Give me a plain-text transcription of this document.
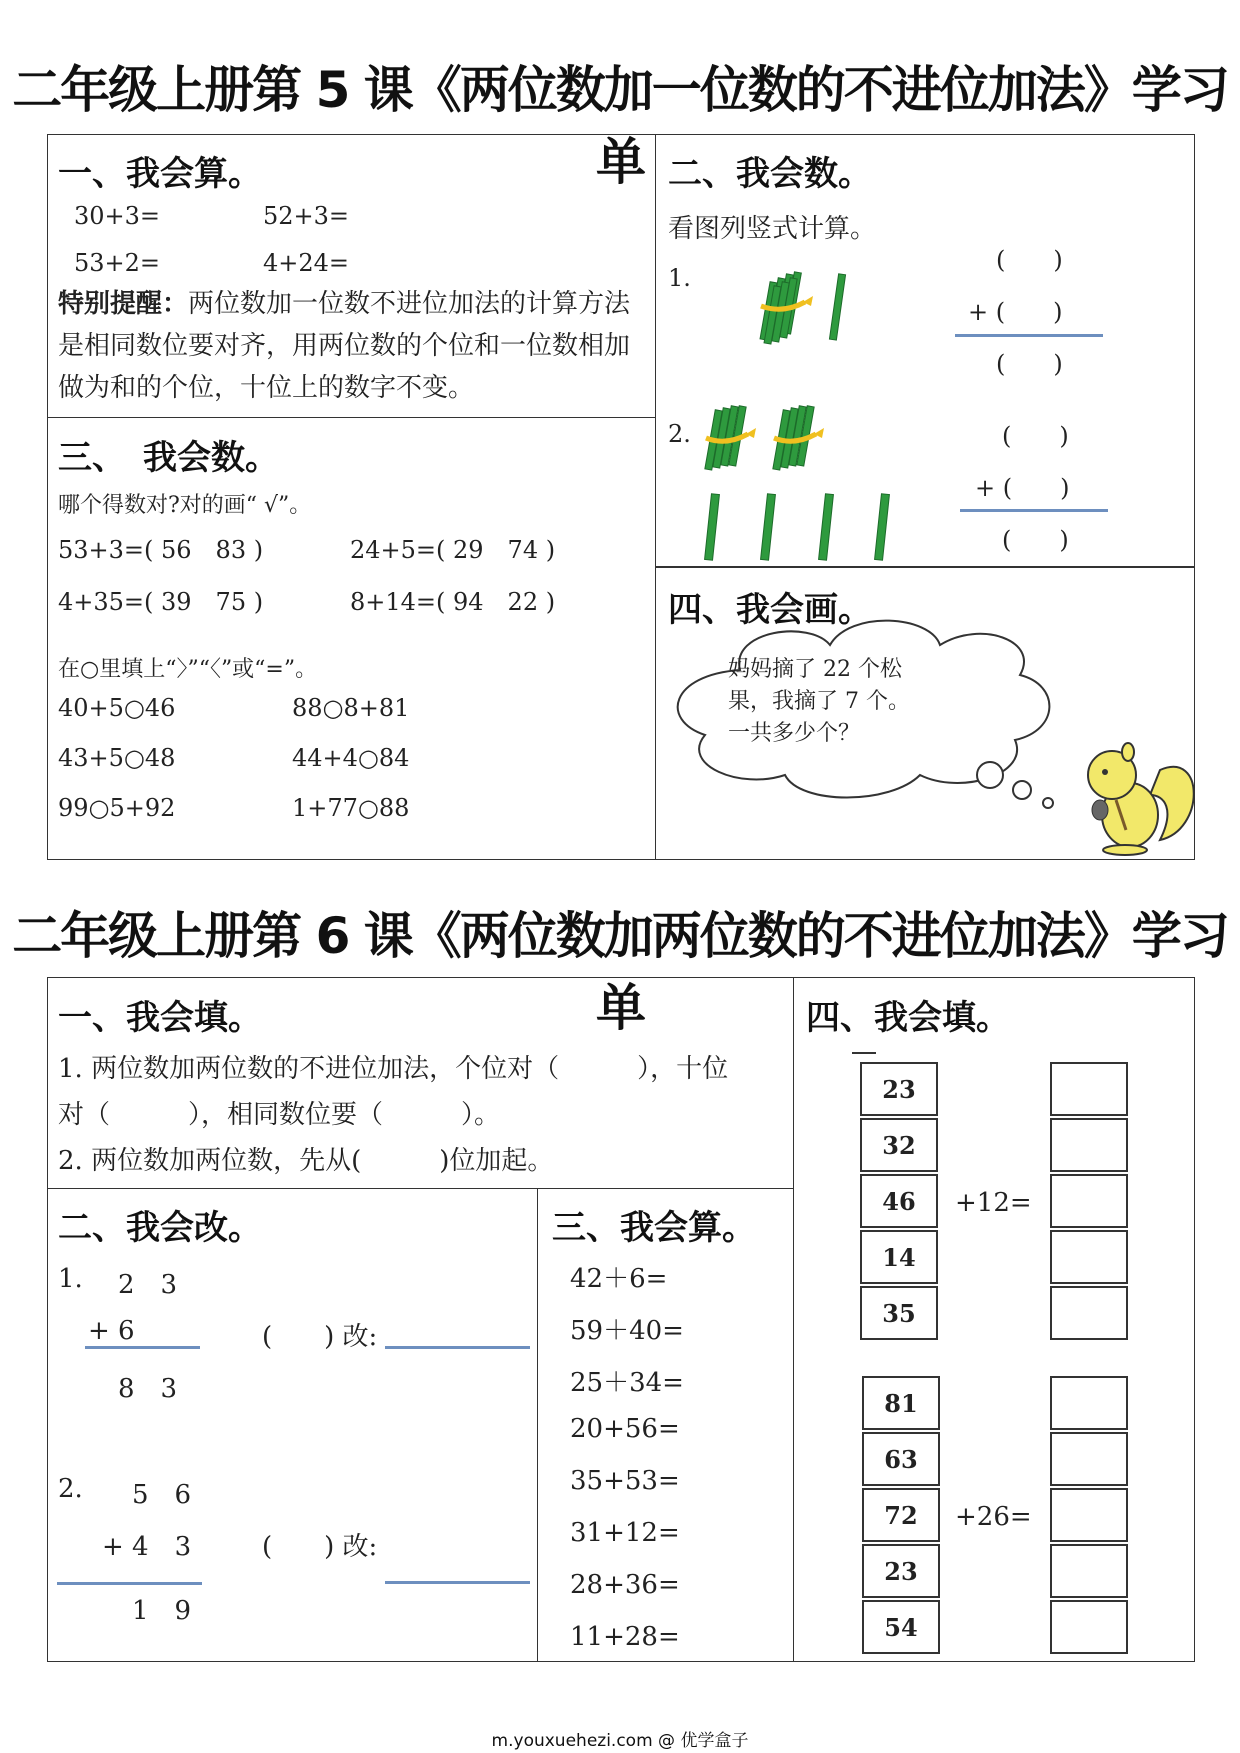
二年级上册第 5 课《两位数加一位数的不进位加法》学习单
一、我会算。
30+3=	52+3=
53+2=	4+24=
特别提醒：两位数加一位数不进位加法的计算方法是相同数位要对齐，用两位数的个位和一位数相加做为和的个位，十位上的数字不变。
二、我会数。
看图列竖式计算。
1.
(　　)
+ (　　)
(　　)
2.	(　　)
+ (　　)
(　　)
三、　我会数。
哪个得数对?对的画“ √”。
53+3=( 56　83 )	24+5=( 29　74 )
4+35=( 39　75 )	8+14=( 94　22 )
在○里填上“〉”“〈”或“=”。
40+5○46	88○8+81
43+5○48	44+4○84
99○5+92	1+77○88
四、我会画。
妈妈摘了 22 个松
果，我摘了 7 个。
一共多少个？
二年级上册第 6 课《两位数加两位数的不进位加法》学习单
一、我会填。
1. 两位数加两位数的不进位加法，个位对（　　　），十位
对（　　　），相同数位要（　　　）。
2. 两位数加两位数，先从(　　　)位加起。
二、我会改。
1. 2　3
+ 6
8　3
(　　) 改:
2. 5　6
+ 4　3
1　9
(　　) 改:
三、我会算。
42＋6=
59＋40=
25＋34=
20+56=
35+53=
31+12=
28+36=
11+28=
四、我会填。
23
32
46
14
35
+12=
81
63
72
23
54
+26=
m.youxuehezi.com @ 优学盒子
